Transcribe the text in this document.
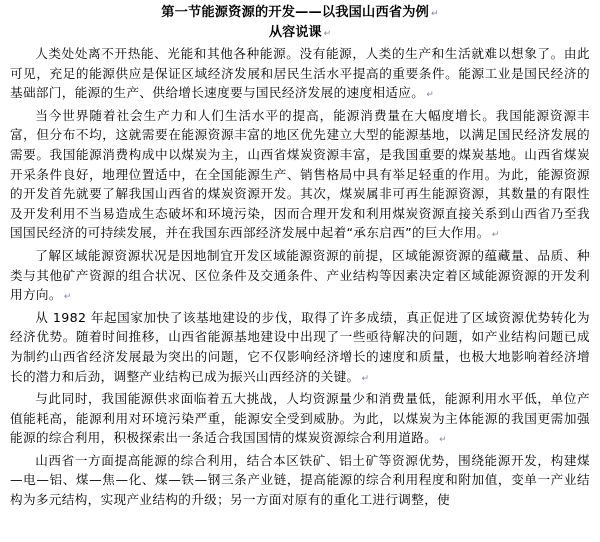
第一节能源资源的开发——以我国山西省为例 ↵
从容说课 ↵

人类处处离不开热能、光能和其他各种能源。没有能源，人类的生产和生活就难以想象了。由此可见，充足的能源供应是保证区域经济发展和居民生活水平提高的重要条件。能源工业是国民经济的基础部门，能源的生产、供给增长速度要与国民经济发展的速度相适应。 ↵

当今世界随着社会生产力和人们生活水平的提高，能源消费量在大幅度增长。我国能源资源丰富，但分布不均，这就需要在能源资源丰富的地区优先建立大型的能源基地，以满足国民经济发展的需要。我国能源消费构成中以煤炭为主，山西省煤炭资源丰富，是我国重要的煤炭基地。山西省煤炭开采条件良好，地理位置适中，在全国能源生产、销售格局中具有举足轻重的作用。为此，能源资源的开发首先就要了解我国山西省的煤炭资源开发。其次，煤炭属非可再生能源资源，其数量的有限性及开发利用不当易造成生态破坏和环境污染，因而合理开发和利用煤炭资源直接关系到山西省乃至我国国民经济的可持续发展，并在我国东西部经济发展中起着“承东启西”的巨大作用。 ↵

了解区域能源资源状况是因地制宜开发区域能源资源的前提，区域能源资源的蕴藏量、品质、种类与其他矿产资源的组合状况、区位条件及交通条件、产业结构等因素决定着区域能源资源的开发利用方向。 ↵

从 1982 年起国家加快了该基地建设的步伐，取得了许多成绩，真正促进了区域资源优势转化为经济优势。随着时间推移，山西省能源基地建设中出现了一些亟待解决的问题，如产业结构问题已成为制约山西省经济发展最为突出的问题，它不仅影响经济增长的速度和质量，也极大地影响着经济增长的潜力和后劲，调整产业结构已成为振兴山西经济的关键。 ↵

与此同时，我国能源供求面临着五大挑战，人均资源量少和消费量低，能源利用水平低，单位产值能耗高，能源利用对环境污染严重，能源安全受到威胁。为此，以煤炭为主体能源的我国更需加强能源的综合利用，积极探索出一条适合我国国情的煤炭资源综合利用道路。 ↵

山西省一方面提高能源的综合利用，结合本区铁矿、铝土矿等资源优势，围绕能源开发，构建煤—电—铝、煤—焦—化、煤—铁—钢三条产业链，提高能源的综合利用程度和附加值，变单一产业结构为多元结构，实现产业结构的升级；另一方面对原有的重化工进行调整，使
